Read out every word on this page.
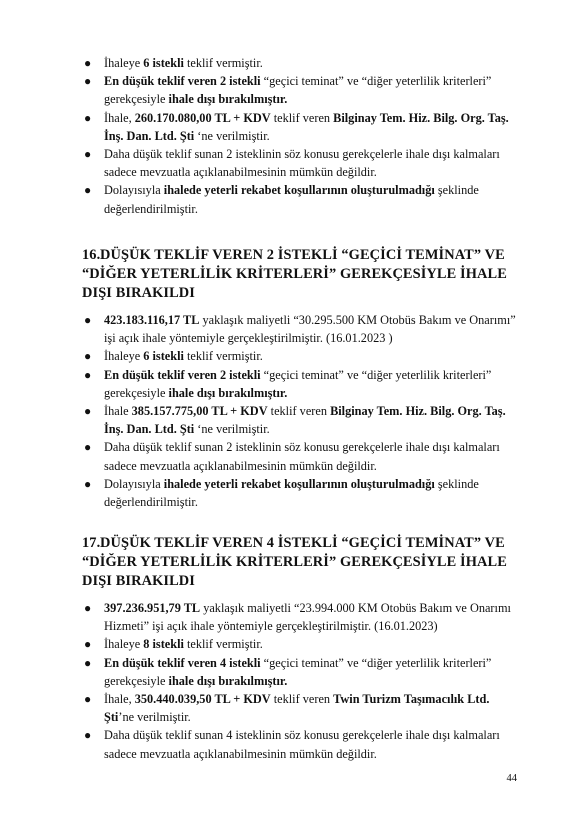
● İhaleye 6 istekli teklif vermiştir.
● En düşük teklif veren 2 istekli “geçici teminat” ve “diğer yeterlilik kriterleri” gerekçesiyle ihale dışı bırakılmıştır.
● İhale, 260.170.080,00 TL + KDV teklif veren Bilginay Tem. Hiz. Bilg. Org. Taş. İnş. Dan. Ltd. Şti ‘ne verilmiştir.
● Daha düşük teklif sunan 2 isteklinin söz konusu gerekçelerle ihale dışı kalmaları sadece mevzuatla açıklanabilmesinin mümkün değildir.
● Dolayısıyla ihalede yeterli rekabet koşullarının oluşturulmadığı şeklinde değerlendirilmiştir.
16.DÜŞÜK TEKLİF VEREN 2 İSTEKLİ “GEÇİCİ TEMİNAT” VE “DİĞER YETERLİLİK KRİTERLERİ” GEREKÇESİYLE İHALE DIŞI BIRAKILDI
● 423.183.116,17 TL yaklaşık maliyetli “30.295.500 KM Otobüs Bakım ve Onarımı” işi açık ihale yöntemiyle gerçekleştirilmiştir. (16.01.2023 )
● İhaleye 6 istekli teklif vermiştir.
● En düşük teklif veren 2 istekli “geçici teminat” ve “diğer yeterlilik kriterleri” gerekçesiyle ihale dışı bırakılmıştır.
● İhale 385.157.775,00 TL + KDV teklif veren Bilginay Tem. Hiz. Bilg. Org. Taş. İnş. Dan. Ltd. Şti ‘ne verilmiştir.
● Daha düşük teklif sunan 2 isteklinin söz konusu gerekçelerle ihale dışı kalmaları sadece mevzuatla açıklanabilmesinin mümkün değildir.
● Dolayısıyla ihalede yeterli rekabet koşullarının oluşturulmadığı şeklinde değerlendirilmiştir.
17.DÜŞÜK TEKLİF VEREN 4 İSTEKLİ “GEÇİCİ TEMİNAT” VE “DİĞER YETERLİLİK KRİTERLERİ” GEREKÇESİYLE İHALE DIŞI BIRAKILDI
● 397.236.951,79 TL yaklaşık maliyetli “23.994.000 KM Otobüs Bakım ve Onarımı Hizmeti” işi açık ihale yöntemiyle gerçekleştirilmiştir. (16.01.2023)
● İhaleye 8 istekli teklif vermiştir.
● En düşük teklif veren 4 istekli “geçici teminat” ve “diğer yeterlilik kriterleri” gerekçesiyle ihale dışı bırakılmıştır.
● İhale, 350.440.039,50 TL + KDV teklif veren Twin Turizm Taşımacılık Ltd. Şti’ne verilmiştir.
● Daha düşük teklif sunan 4 isteklinin söz konusu gerekçelerle ihale dışı kalmaları sadece mevzuatla açıklanabilmesinin mümkün değildir.
44
